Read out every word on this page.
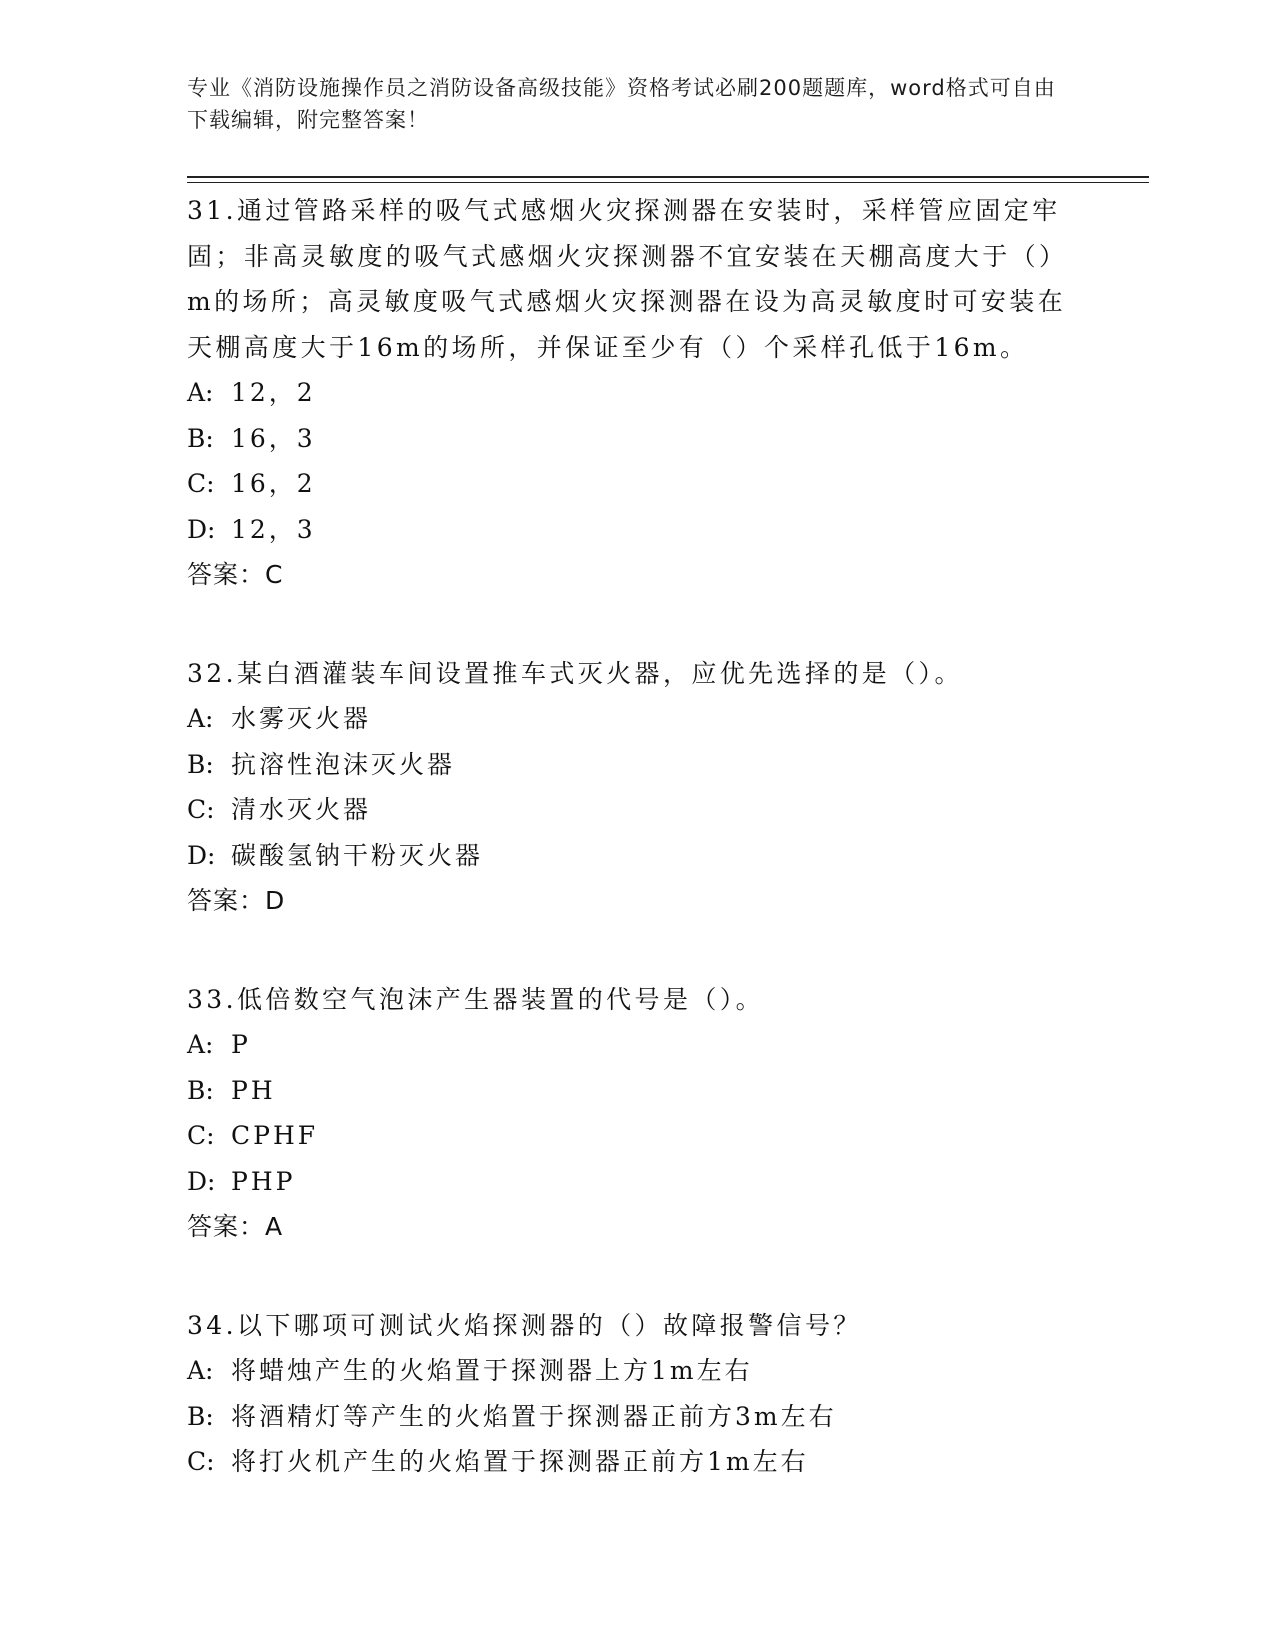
专业《消防设施操作员之消防设备高级技能》资格考试必刷200题题库，word格式可自由下载编辑，附完整答案！

31.通过管路采样的吸气式感烟火灾探测器在安装时，采样管应固定牢固；非高灵敏度的吸气式感烟火灾探测器不宜安装在天棚高度大于（）m的场所；高灵敏度吸气式感烟火灾探测器在设为高灵敏度时可安装在天棚高度大于16m的场所，并保证至少有（）个采样孔低于16m。

A: 12，2

B: 16，3

C: 16，2

D: 12，3

答案：C

32.某白酒灌装车间设置推车式灭火器，应优先选择的是（）。

A: 水雾灭火器

B: 抗溶性泡沫灭火器

C: 清水灭火器

D: 碳酸氢钠干粉灭火器

答案：D

33.低倍数空气泡沫产生器装置的代号是（）。

A: P

B: PH

C: CPHF

D: PHP

答案：A

34.以下哪项可测试火焰探测器的（）故障报警信号？

A: 将蜡烛产生的火焰置于探测器上方1m左右

B: 将酒精灯等产生的火焰置于探测器正前方3m左右

C: 将打火机产生的火焰置于探测器正前方1m左右
